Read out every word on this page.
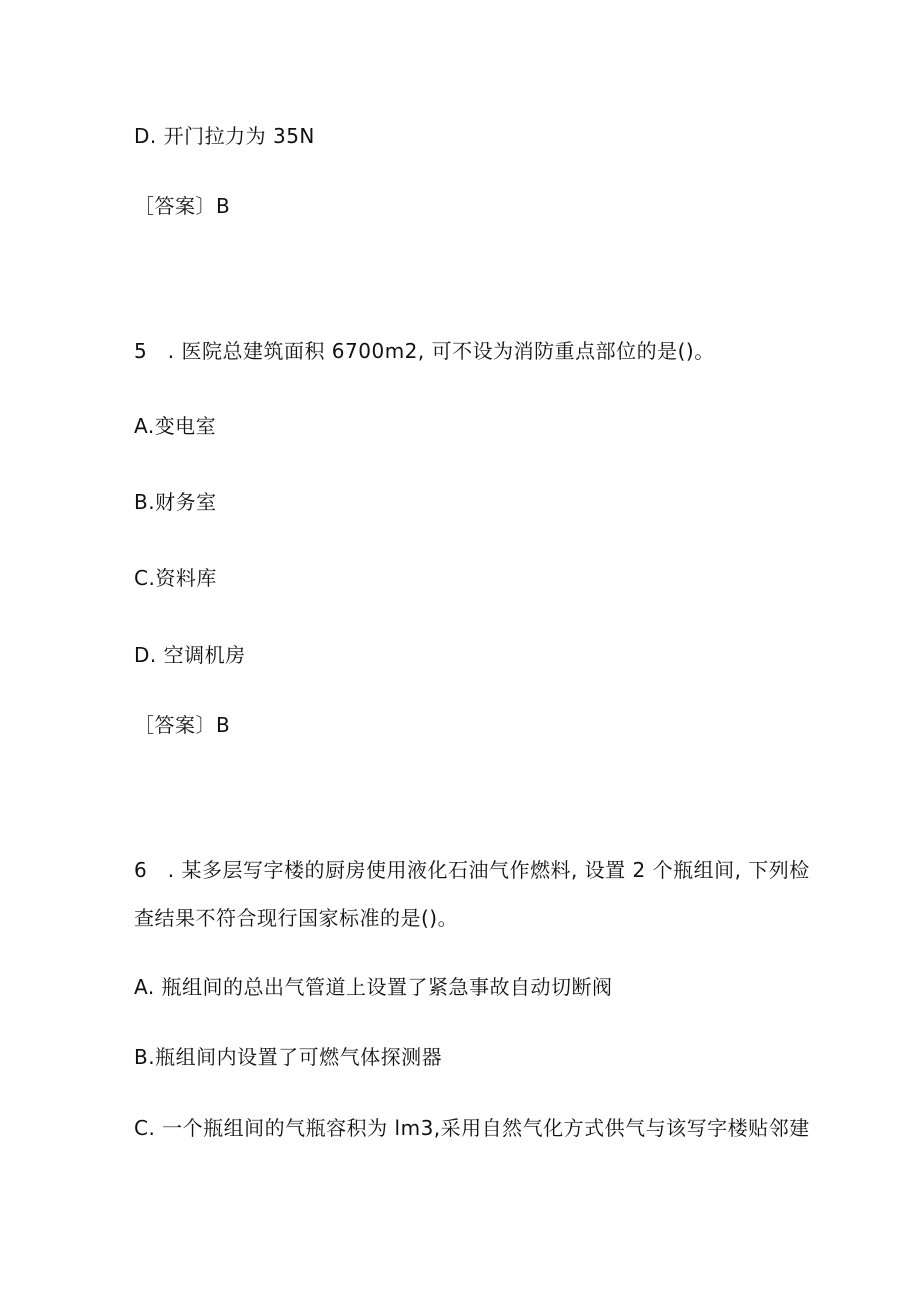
D. 开门拉力为 35N
［答案〕B
5　. 医院总建筑面积 6700m2, 可不设为消防重点部位的是()。
A.变电室
B.财务室
C.资料库
D. 空调机房
［答案〕B
6　. 某多层写字楼的厨房使用液化石油气作燃料, 设置 2 个瓶组间, 下列检
查结果不符合现行国家标准的是()。
A. 瓶组间的总出气管道上设置了紧急事故自动切断阀
B.瓶组间内设置了可燃气体探测器
C. 一个瓶组间的气瓶容积为 lm3,采用自然气化方式供气与该写字楼贴邻建
